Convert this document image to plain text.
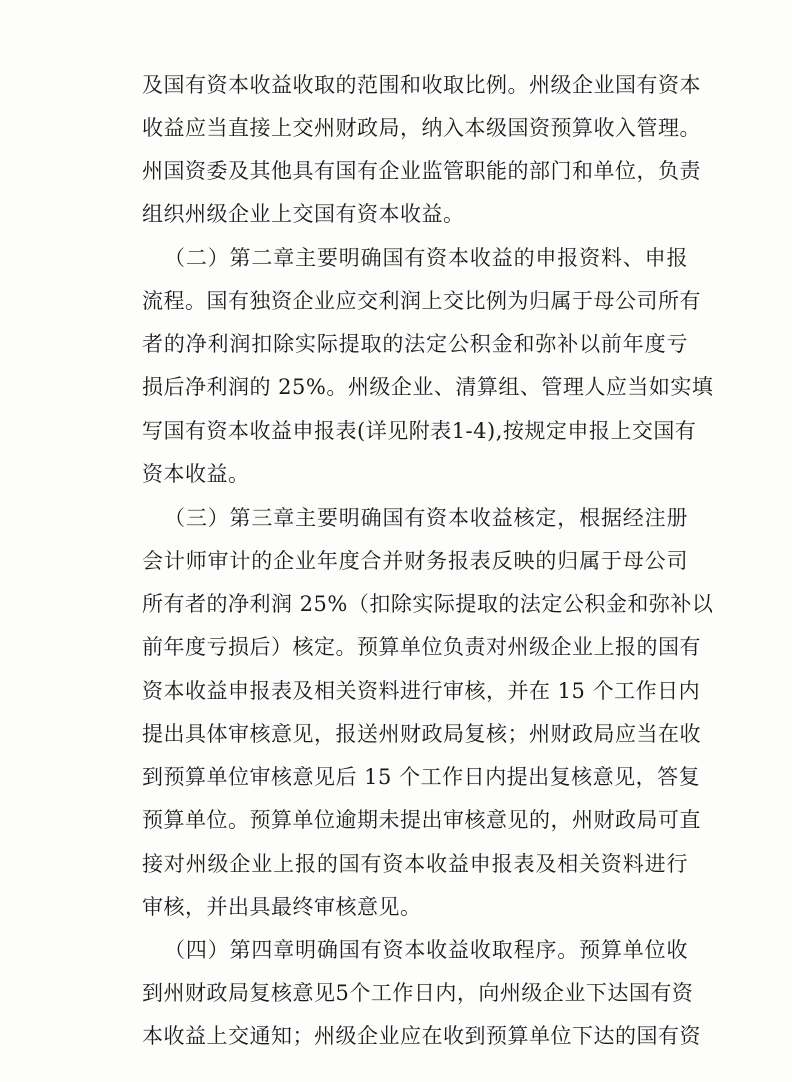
及国有资本收益收取的范围和收取比例。州级企业国有资本
收益应当直接上交州财政局，纳入本级国资预算收入管理。
州国资委及其他具有国有企业监管职能的部门和单位，负责
组织州级企业上交国有资本收益。
（二）第二章主要明确国有资本收益的申报资料、申报
流程。国有独资企业应交利润上交比例为归属于母公司所有
者的净利润扣除实际提取的法定公积金和弥补以前年度亏
损后净利润的 25%。州级企业、清算组、管理人应当如实填
写国有资本收益申报表(详见附表1-4),按规定申报上交国有
资本收益。
（三）第三章主要明确国有资本收益核定，根据经注册
会计师审计的企业年度合并财务报表反映的归属于母公司
所有者的净利润 25%（扣除实际提取的法定公积金和弥补以
前年度亏损后）核定。预算单位负责对州级企业上报的国有
资本收益申报表及相关资料进行审核，并在 15 个工作日内
提出具体审核意见，报送州财政局复核；州财政局应当在收
到预算单位审核意见后 15 个工作日内提出复核意见，答复
预算单位。预算单位逾期未提出审核意见的，州财政局可直
接对州级企业上报的国有资本收益申报表及相关资料进行
审核，并出具最终审核意见。
（四）第四章明确国有资本收益收取程序。预算单位收
到州财政局复核意见5个工作日内，向州级企业下达国有资
本收益上交通知；州级企业应在收到预算单位下达的国有资
